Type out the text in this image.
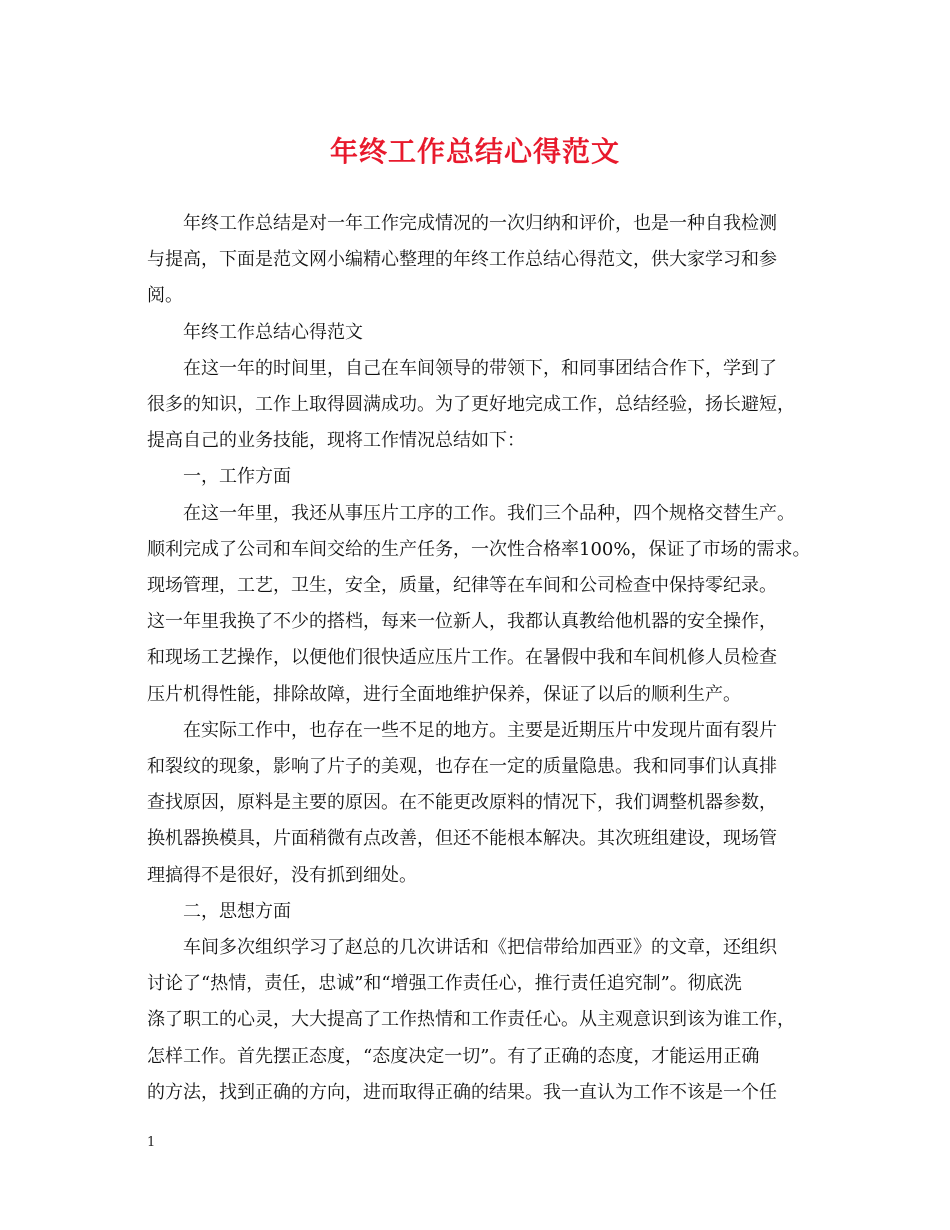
年终工作总结心得范文

年终工作总结是对一年工作完成情况的一次归纳和评价，也是一种自我检测

与提高，下面是范文网小编精心整理的年终工作总结心得范文，供大家学习和参

阅。

年终工作总结心得范文

在这一年的时间里，自己在车间领导的带领下，和同事团结合作下，学到了

很多的知识，工作上取得圆满成功。为了更好地完成工作，总结经验，扬长避短，

提高自己的业务技能，现将工作情况总结如下：

一，工作方面

在这一年里，我还从事压片工序的工作。我们三个品种，四个规格交替生产。

顺利完成了公司和车间交给的生产任务，一次性合格率100%，保证了市场的需求。

现场管理，工艺，卫生，安全，质量，纪律等在车间和公司检查中保持零纪录。

这一年里我换了不少的搭档，每来一位新人，我都认真教给他机器的安全操作，

和现场工艺操作，以便他们很快适应压片工作。在暑假中我和车间机修人员检查

压片机得性能，排除故障，进行全面地维护保养，保证了以后的顺利生产。

在实际工作中，也存在一些不足的地方。主要是近期压片中发现片面有裂片

和裂纹的现象，影响了片子的美观，也存在一定的质量隐患。我和同事们认真排

查找原因，原料是主要的原因。在不能更改原料的情况下，我们调整机器参数，

换机器换模具，片面稍微有点改善，但还不能根本解决。其次班组建设，现场管

理搞得不是很好，没有抓到细处。

二，思想方面

车间多次组织学习了赵总的几次讲话和《把信带给加西亚》的文章，还组织

讨论了“热情，责任，忠诚”和“增强工作责任心，推行责任追究制”。彻底洗

涤了职工的心灵，大大提高了工作热情和工作责任心。从主观意识到该为谁工作，

怎样工作。首先摆正态度，“态度决定一切”。有了正确的态度，才能运用正确

的方法，找到正确的方向，进而取得正确的结果。我一直认为工作不该是一个任

1
